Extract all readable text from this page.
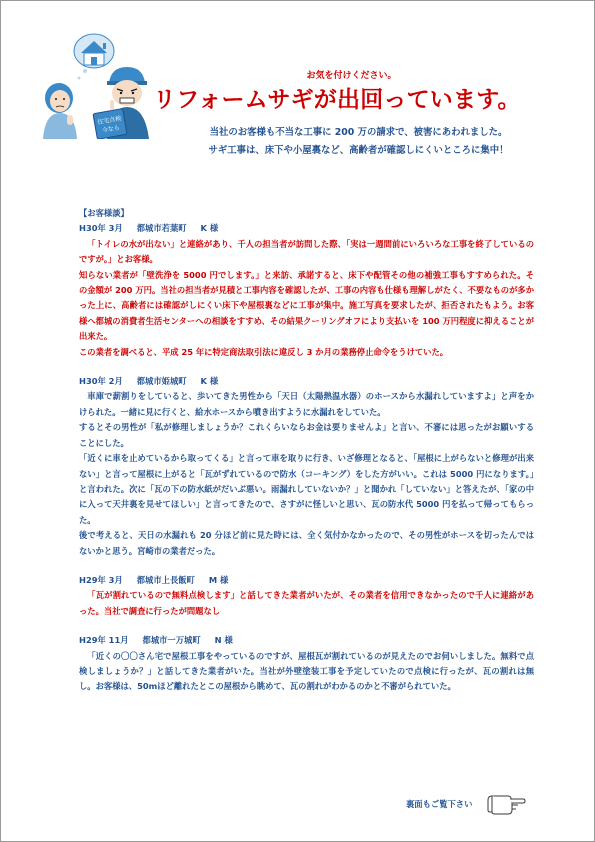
住宅点検
今なら
お気を付けください。
リフォームサギが出回っています。
当社のお客様も不当な工事に 200 万の請求で、被害にあわれました。
サギ工事は、床下や小屋裏など、高齢者が確認しにくいところに集中！

【お客様談】

H30年 3月 都城市若葉町 K 様

「トイレの水が出ない」と連絡があり、千人の担当者が訪問した際、「実は一週間前にいろいろな工事を終了しているのですが。」とお客様。

知らない業者が「壁洗浄を 5000 円でします。」と来訪、承諾すると、床下や配管その他の補強工事もすすめられた。その金額が 200 万円。当社の担当者が見積と工事内容を確認したが、工事の内容も仕様も理解しがたく、不要なものが多かった上に、高齢者には確認がしにくい床下や屋根裏などに工事が集中。施工写真を要求したが、拒否されたもよう。お客様へ都城の消費者生活センターへの相談をすすめ、その結果クーリングオフにより支払いを 100 万円程度に抑えることが出来た。

この業者を調べると、平成 25 年に特定商法取引法に違反し 3 か月の業務停止命令をうけていた。

H30年 2月 都城市姫城町 K 様

車庫で薪割りをしていると、歩いてきた男性から「天日（太陽熱温水器）のホースから水漏れしていますよ」と声をかけられた。一緒に見に行くと、給水ホースから噴き出すように水漏れをしていた。

するとその男性が「私が修理しましょうか？これくらいならお金は要りませんよ」と言い、不審には思ったがお願いすることにした。

「近くに車を止めているから取ってくる」と言って車を取りに行き、いざ修理となると、「屋根に上がらないと修理が出来ない」と言って屋根に上がると「瓦がずれているので防水（コーキング）をした方がいい。これは 5000 円になります。」と言われた。次に「瓦の下の防水紙がだいぶ悪い。雨漏れしていないか？」と聞かれ「していない」と答えたが、「家の中に入って天井裏を見せてほしい」と言ってきたので、さすがに怪しいと思い、瓦の防水代 5000 円を払って帰ってもらった。

後で考えると、天日の水漏れも 20 分ほど前に見た時には、全く気付かなかったので、その男性がホースを切ったんではないかと思う。宮崎市の業者だった。

H29年 3月 都城市上長飯町 M 様

「瓦が割れているので無料点検します」と話してきた業者がいたが、その業者を信用できなかったので千人に連絡があった。当社で調査に行ったが問題なし

H29年 11月 都城市一万城町 N 様

「近くの〇〇さん宅で屋根工事をやっているのですが、屋根瓦が割れているのが見えたのでお伺いしました。無料で点検しましょうか？」と話してきた業者がいた。当社が外壁塗装工事を予定していたので点検に行ったが、瓦の割れは無し。お客様は、50mほど離れたとこの屋根から眺めて、瓦の割れがわかるのかと不審がられていた。

裏面もご覧下さい
